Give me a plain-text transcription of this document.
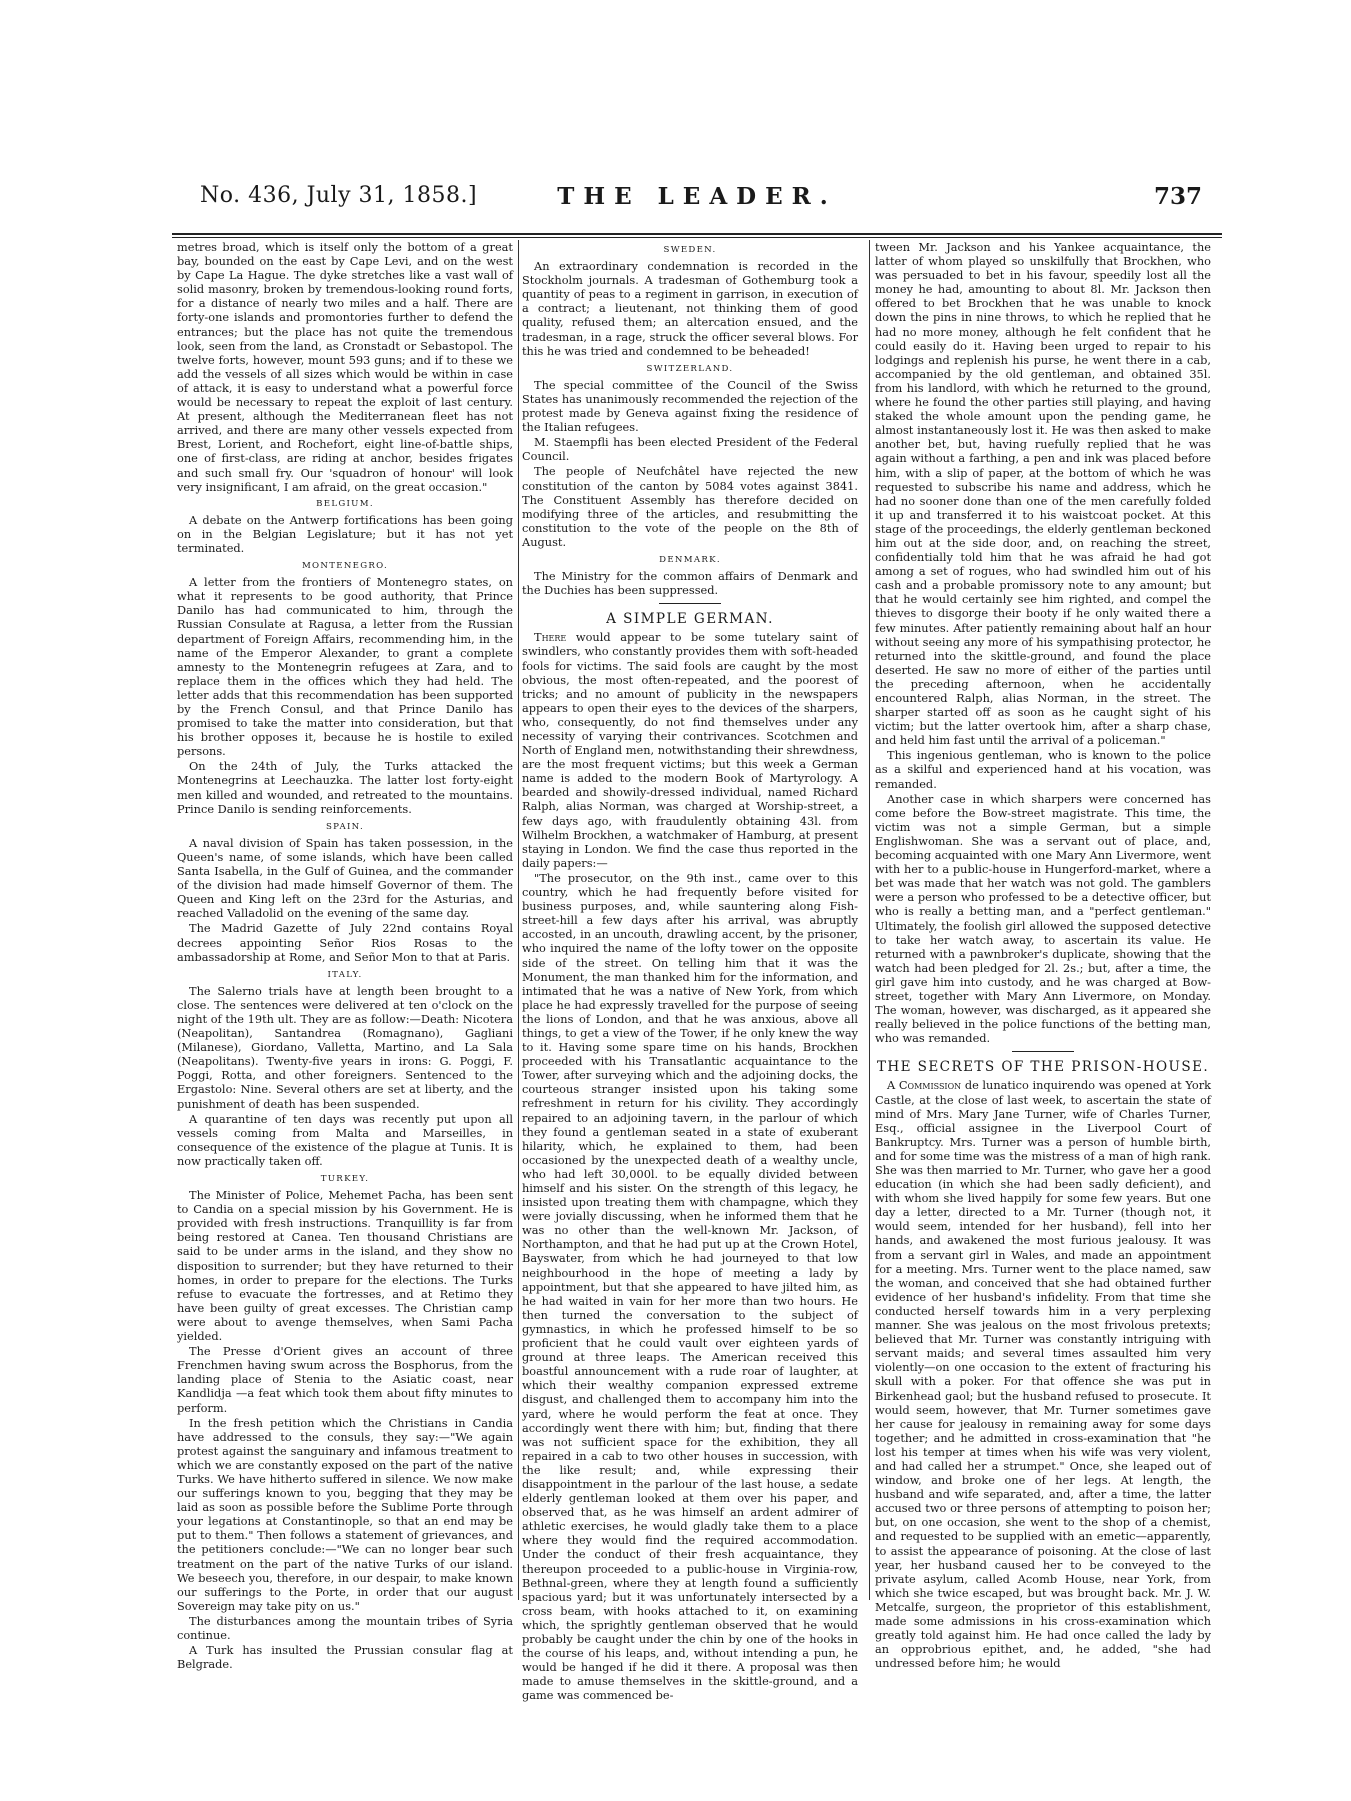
No. 436, July 31, 1858.]	THE LEADER.	737

metres broad, which is itself only the bottom of a great bay, bounded on the east by Cape Levi, and on the west by Cape La Hague. The dyke stretches like a vast wall of solid masonry, broken by tremendous-looking round forts, for a distance of nearly two miles and a half. There are forty-one islands and promontories further to defend the entrances; but the place has not quite the tremendous look, seen from the land, as Cronstadt or Sebastopol. The twelve forts, however, mount 593 guns; and if to these we add the vessels of all sizes which would be within in case of attack, it is easy to understand what a powerful force would be necessary to repeat the exploit of last century. At present, although the Mediterranean fleet has not arrived, and there are many other vessels expected from Brest, Lorient, and Rochefort, eight line-of-battle ships, one of first-class, are riding at anchor, besides frigates and such small fry. Our 'squadron of honour' will look very insignificant, I am afraid, on the great occasion."

BELGIUM.

A debate on the Antwerp fortifications has been going on in the Belgian Legislature; but it has not yet terminated.

MONTENEGRO.

A letter from the frontiers of Montenegro states, on what it represents to be good authority, that Prince Danilo has had communicated to him, through the Russian Consulate at Ragusa, a letter from the Russian department of Foreign Affairs, recommending him, in the name of the Emperor Alexander, to grant a complete amnesty to the Montenegrin refugees at Zara, and to replace them in the offices which they had held. The letter adds that this recommendation has been supported by the French Consul, and that Prince Danilo has promised to take the matter into consideration, but that his brother opposes it, because he is hostile to exiled persons.

On the 24th of July, the Turks attacked the Montenegrins at Leechauzka. The latter lost forty-eight men killed and wounded, and retreated to the mountains. Prince Danilo is sending reinforcements.

SPAIN.

A naval division of Spain has taken possession, in the Queen's name, of some islands, which have been called Santa Isabella, in the Gulf of Guinea, and the commander of the division had made himself Governor of them. The Queen and King left on the 23rd for the Asturias, and reached Valladolid on the evening of the same day.

The Madrid Gazette of July 22nd contains Royal decrees appointing Señor Rios Rosas to the ambassadorship at Rome, and Señor Mon to that at Paris.

ITALY.

The Salerno trials have at length been brought to a close. The sentences were delivered at ten o'clock on the night of the 19th ult. They are as follow:—Death: Nicotera (Neapolitan), Santandrea (Romagnano), Gagliani (Milanese), Giordano, Valletta, Martino, and La Sala (Neapolitans). Twenty-five years in irons: G. Poggi, F. Poggi, Rotta, and other foreigners. Sentenced to the Ergastolo: Nine. Several others are set at liberty, and the punishment of death has been suspended.

A quarantine of ten days was recently put upon all vessels coming from Malta and Marseilles, in consequence of the existence of the plague at Tunis. It is now practically taken off.

TURKEY.

The Minister of Police, Mehemet Pacha, has been sent to Candia on a special mission by his Government. He is provided with fresh instructions. Tranquillity is far from being restored at Canea. Ten thousand Christians are said to be under arms in the island, and they show no disposition to surrender; but they have returned to their homes, in order to prepare for the elections. The Turks refuse to evacuate the fortresses, and at Retimo they have been guilty of great excesses. The Christian camp were about to avenge themselves, when Sami Pacha yielded.

The Presse d'Orient gives an account of three Frenchmen having swum across the Bosphorus, from the landing place of Stenia to the Asiatic coast, near Kandlidja —a feat which took them about fifty minutes to perform.

In the fresh petition which the Christians in Candia have addressed to the consuls, they say:—"We again protest against the sanguinary and infamous treatment to which we are constantly exposed on the part of the native Turks. We have hitherto suffered in silence. We now make our sufferings known to you, begging that they may be laid as soon as possible before the Sublime Porte through your legations at Constantinople, so that an end may be put to them." Then follows a statement of grievances, and the petitioners conclude:—"We can no longer bear such treatment on the part of the native Turks of our island. We beseech you, therefore, in our despair, to make known our sufferings to the Porte, in order that our august Sovereign may take pity on us."

The disturbances among the mountain tribes of Syria continue.

A Turk has insulted the Prussian consular flag at Belgrade.

SWEDEN.

An extraordinary condemnation is recorded in the Stockholm journals. A tradesman of Gothemburg took a quantity of peas to a regiment in garrison, in execution of a contract; a lieutenant, not thinking them of good quality, refused them; an altercation ensued, and the tradesman, in a rage, struck the officer several blows. For this he was tried and condemned to be beheaded!

SWITZERLAND.

The special committee of the Council of the Swiss States has unanimously recommended the rejection of the protest made by Geneva against fixing the residence of the Italian refugees.

M. Staempfli has been elected President of the Federal Council.

The people of Neufchâtel have rejected the new constitution of the canton by 5084 votes against 3841. The Constituent Assembly has therefore decided on modifying three of the articles, and resubmitting the constitution to the vote of the people on the 8th of August.

DENMARK.

The Ministry for the common affairs of Denmark and the Duchies has been suppressed.

A SIMPLE GERMAN.

There would appear to be some tutelary saint of swindlers, who constantly provides them with soft-headed fools for victims. The said fools are caught by the most obvious, the most often-repeated, and the poorest of tricks; and no amount of publicity in the newspapers appears to open their eyes to the devices of the sharpers, who, consequently, do not find themselves under any necessity of varying their contrivances. Scotchmen and North of England men, notwithstanding their shrewdness, are the most frequent victims; but this week a German name is added to the modern Book of Martyrology. A bearded and showily-dressed individual, named Richard Ralph, alias Norman, was charged at Worship-street, a few days ago, with fraudulently obtaining 43l. from Wilhelm Brockhen, a watchmaker of Hamburg, at present staying in London. We find the case thus reported in the daily papers:—

"The prosecutor, on the 9th inst., came over to this country, which he had frequently before visited for business purposes, and, while sauntering along Fish-street-hill a few days after his arrival, was abruptly accosted, in an uncouth, drawling accent, by the prisoner, who inquired the name of the lofty tower on the opposite side of the street. On telling him that it was the Monument, the man thanked him for the information, and intimated that he was a native of New York, from which place he had expressly travelled for the purpose of seeing the lions of London, and that he was anxious, above all things, to get a view of the Tower, if he only knew the way to it. Having some spare time on his hands, Brockhen proceeded with his Transatlantic acquaintance to the Tower, after surveying which and the adjoining docks, the courteous stranger insisted upon his taking some refreshment in return for his civility. They accordingly repaired to an adjoining tavern, in the parlour of which they found a gentleman seated in a state of exuberant hilarity, which, he explained to them, had been occasioned by the unexpected death of a wealthy uncle, who had left 30,000l. to be equally divided between himself and his sister. On the strength of this legacy, he insisted upon treating them with champagne, which they were jovially discussing, when he informed them that he was no other than the well-known Mr. Jackson, of Northampton, and that he had put up at the Crown Hotel, Bayswater, from which he had journeyed to that low neighbourhood in the hope of meeting a lady by appointment, but that she appeared to have jilted him, as he had waited in vain for her more than two hours. He then turned the conversation to the subject of gymnastics, in which he professed himself to be so proficient that he could vault over eighteen yards of ground at three leaps. The American received this boastful announcement with a rude roar of laughter, at which their wealthy companion expressed extreme disgust, and challenged them to accompany him into the yard, where he would perform the feat at once. They accordingly went there with him; but, finding that there was not sufficient space for the exhibition, they all repaired in a cab to two other houses in succession, with the like result; and, while expressing their disappointment in the parlour of the last house, a sedate elderly gentleman looked at them over his paper, and observed that, as he was himself an ardent admirer of athletic exercises, he would gladly take them to a place where they would find the required accommodation. Under the conduct of their fresh acquaintance, they thereupon proceeded to a public-house in Virginia-row, Bethnal-green, where they at length found a sufficiently spacious yard; but it was unfortunately intersected by a cross beam, with hooks attached to it, on examining which, the sprightly gentleman observed that he would probably be caught under the chin by one of the hooks in the course of his leaps, and, without intending a pun, he would be hanged if he did it there. A proposal was then made to amuse themselves in the skittle-ground, and a game was commenced be-

tween Mr. Jackson and his Yankee acquaintance, the latter of whom played so unskilfully that Brockhen, who was persuaded to bet in his favour, speedily lost all the money he had, amounting to about 8l. Mr. Jackson then offered to bet Brockhen that he was unable to knock down the pins in nine throws, to which he replied that he had no more money, although he felt confident that he could easily do it. Having been urged to repair to his lodgings and replenish his purse, he went there in a cab, accompanied by the old gentleman, and obtained 35l. from his landlord, with which he returned to the ground, where he found the other parties still playing, and having staked the whole amount upon the pending game, he almost instantaneously lost it. He was then asked to make another bet, but, having ruefully replied that he was again without a farthing, a pen and ink was placed before him, with a slip of paper, at the bottom of which he was requested to subscribe his name and address, which he had no sooner done than one of the men carefully folded it up and transferred it to his waistcoat pocket. At this stage of the proceedings, the elderly gentleman beckoned him out at the side door, and, on reaching the street, confidentially told him that he was afraid he had got among a set of rogues, who had swindled him out of his cash and a probable promissory note to any amount; but that he would certainly see him righted, and compel the thieves to disgorge their booty if he only waited there a few minutes. After patiently remaining about half an hour without seeing any more of his sympathising protector, he returned into the skittle-ground, and found the place deserted. He saw no more of either of the parties until the preceding afternoon, when he accidentally encountered Ralph, alias Norman, in the street. The sharper started off as soon as he caught sight of his victim; but the latter overtook him, after a sharp chase, and held him fast until the arrival of a policeman."

This ingenious gentleman, who is known to the police as a skilful and experienced hand at his vocation, was remanded.

Another case in which sharpers were concerned has come before the Bow-street magistrate. This time, the victim was not a simple German, but a simple Englishwoman. She was a servant out of place, and, becoming acquainted with one Mary Ann Livermore, went with her to a public-house in Hungerford-market, where a bet was made that her watch was not gold. The gamblers were a person who professed to be a detective officer, but who is really a betting man, and a "perfect gentleman." Ultimately, the foolish girl allowed the supposed detective to take her watch away, to ascertain its value. He returned with a pawnbroker's duplicate, showing that the watch had been pledged for 2l. 2s.; but, after a time, the girl gave him into custody, and he was charged at Bow-street, together with Mary Ann Livermore, on Monday. The woman, however, was discharged, as it appeared she really believed in the police functions of the betting man, who was remanded.

THE SECRETS OF THE PRISON-HOUSE.

A Commission de lunatico inquirendo was opened at York Castle, at the close of last week, to ascertain the state of mind of Mrs. Mary Jane Turner, wife of Charles Turner, Esq., official assignee in the Liverpool Court of Bankruptcy. Mrs. Turner was a person of humble birth, and for some time was the mistress of a man of high rank. She was then married to Mr. Turner, who gave her a good education (in which she had been sadly deficient), and with whom she lived happily for some few years. But one day a letter, directed to a Mr. Turner (though not, it would seem, intended for her husband), fell into her hands, and awakened the most furious jealousy. It was from a servant girl in Wales, and made an appointment for a meeting. Mrs. Turner went to the place named, saw the woman, and conceived that she had obtained further evidence of her husband's infidelity. From that time she conducted herself towards him in a very perplexing manner. She was jealous on the most frivolous pretexts; believed that Mr. Turner was constantly intriguing with servant maids; and several times assaulted him very violently—on one occasion to the extent of fracturing his skull with a poker. For that offence she was put in Birkenhead gaol; but the husband refused to prosecute. It would seem, however, that Mr. Turner sometimes gave her cause for jealousy in remaining away for some days together; and he admitted in cross-examination that "he lost his temper at times when his wife was very violent, and had called her a strumpet." Once, she leaped out of window, and broke one of her legs. At length, the husband and wife separated, and, after a time, the latter accused two or three persons of attempting to poison her; but, on one occasion, she went to the shop of a chemist, and requested to be supplied with an emetic—apparently, to assist the appearance of poisoning. At the close of last year, her husband caused her to be conveyed to the private asylum, called Acomb House, near York, from which she twice escaped, but was brought back. Mr. J. W. Metcalfe, surgeon, the proprietor of this establishment, made some admissions in his cross-examination which greatly told against him. He had once called the lady by an opprobrious epithet, and, he added, "she had undressed before him; he would
